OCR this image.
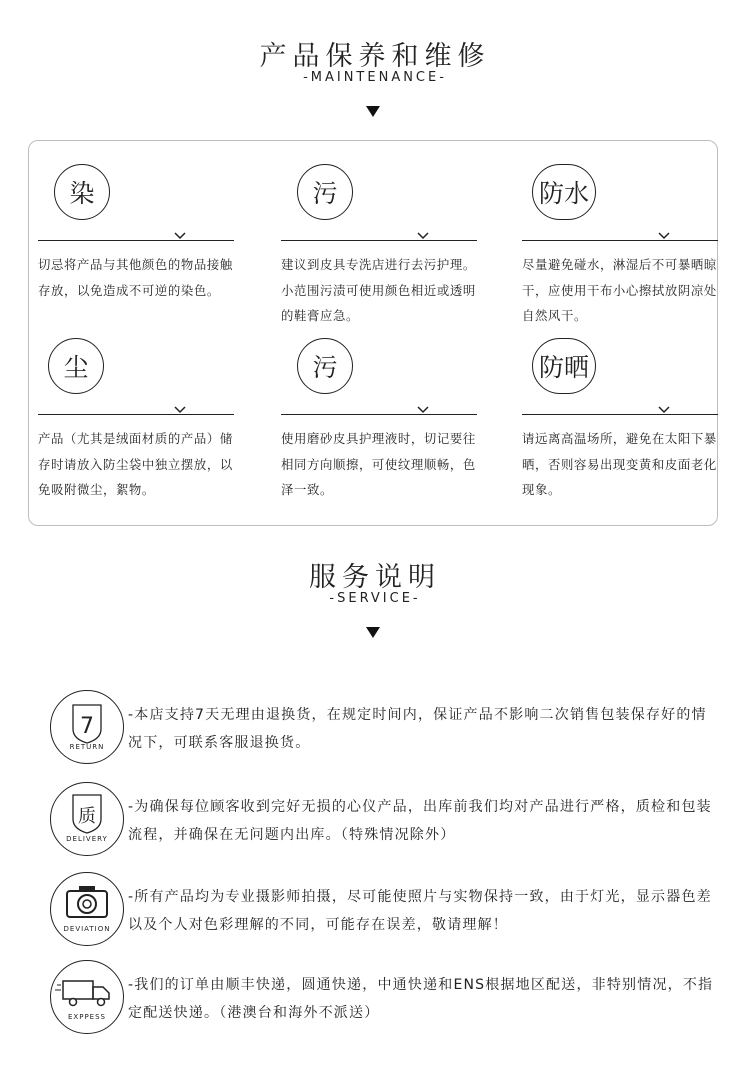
产品保养和维修
-MAINTENANCE-
染
切忌将产品与其他颜色的物品接触存放，以免造成不可逆的染色。
污
建议到皮具专洗店进行去污护理。小范围污渍可使用颜色相近或透明的鞋膏应急。
防水
尽量避免碰水，淋湿后不可暴晒晾干，应使用干布小心擦拭放阴凉处自然风干。
尘
产品（尤其是绒面材质的产品）储存时请放入防尘袋中独立摆放，以免吸附微尘，絮物。
污
使用磨砂皮具护理液时，切记要往相同方向顺擦，可使纹理顺畅，色泽一致。
防晒
请远离高温场所，避免在太阳下暴晒，否则容易出现变黄和皮面老化现象。
服务说明
-SERVICE-
7
RETURN
-本店支持7天无理由退换货，在规定时间内，保证产品不影响二次销售包装保存好的情况下，可联系客服退换货。
质
DELIVERY
-为确保每位顾客收到完好无损的心仪产品，出库前我们均对产品进行严格，质检和包装流程，并确保在无问题内出库。（特殊情况除外）
DEVIATION
-所有产品均为专业摄影师拍摄，尽可能使照片与实物保持一致，由于灯光，显示器色差以及个人对色彩理解的不同，可能存在误差，敬请理解！
EXPPESS
-我们的订单由顺丰快递，圆通快递，中通快递和ENS根据地区配送，非特别情况，不指定配送快递。（港澳台和海外不派送）
